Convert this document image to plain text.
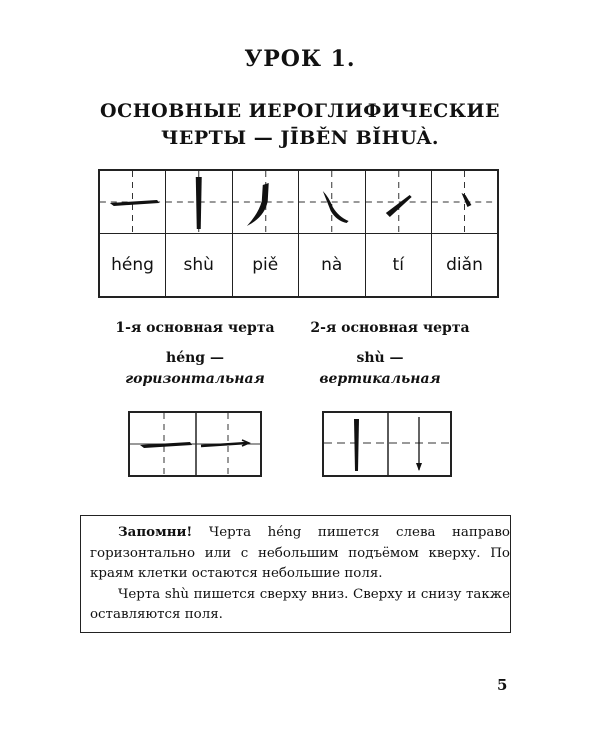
УРОК 1.
ОСНОВНЫЕ ИЕРОГЛИФИЧЕСКИЕ
ЧЕРТЫ — JĪBĚN BǏHUÀ.

héng	shù	piě	nà	tí	diǎn
1-я основная черта
héng —
горизонтальная
2-я основная черта
shù —
вертикальная

Запомни! Черта héng пишется слева направо горизонтально или с небольшим подъёмом кверху. По краям клетки остаются небольшие поля.

Черта shù пишется сверху вниз. Сверху и снизу также оставляются поля.

5
